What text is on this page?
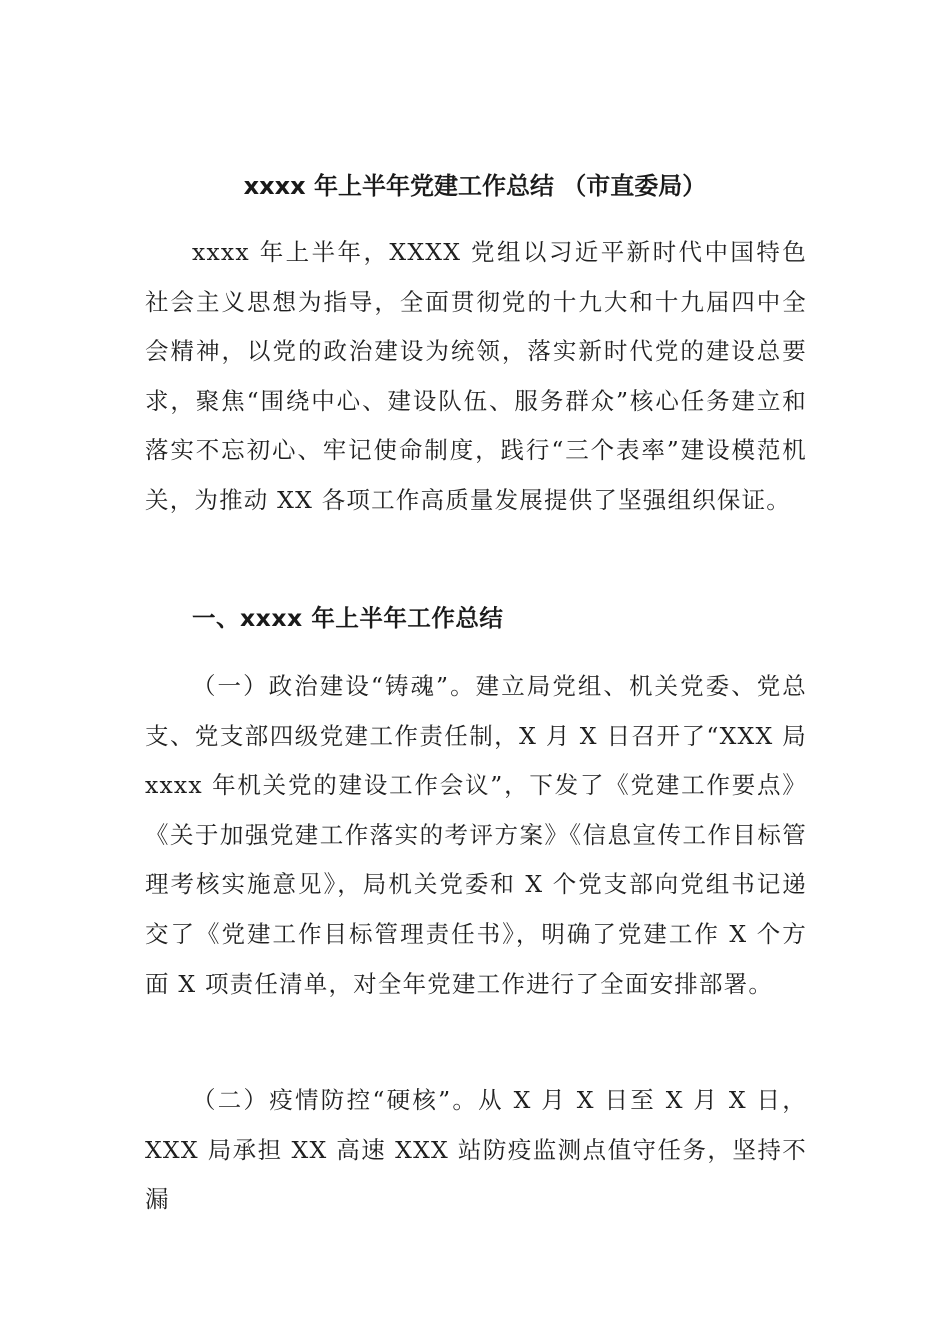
xxxx 年上半年党建工作总结 （市直委局）

xxxx 年上半年，XXXX 党组以习近平新时代中国特色社会主义思想为指导，全面贯彻党的十九大和十九届四中全会精神，以党的政治建设为统领，落实新时代党的建设总要求，聚焦“围绕中心、建设队伍、服务群众”核心任务建立和落实不忘初心、牢记使命制度，践行“三个表率”建设模范机关，为推动 XX 各项工作高质量发展提供了坚强组织保证。

一、xxxx 年上半年工作总结

（一）政治建设“铸魂”。建立局党组、机关党委、党总支、党支部四级党建工作责任制，X 月 X 日召开了“XXX 局 xxxx 年机关党的建设工作会议”，下发了《党建工作要点》《关于加强党建工作落实的考评方案》《信息宣传工作目标管理考核实施意见》，局机关党委和 X 个党支部向党组书记递交了《党建工作目标管理责任书》，明确了党建工作 X 个方面 X 项责任清单，对全年党建工作进行了全面安排部署。

（二）疫情防控“硬核”。从 X 月 X 日至 X 月 X 日，XXX 局承担 XX 高速 XXX 站防疫监测点值守任务，坚持不漏
